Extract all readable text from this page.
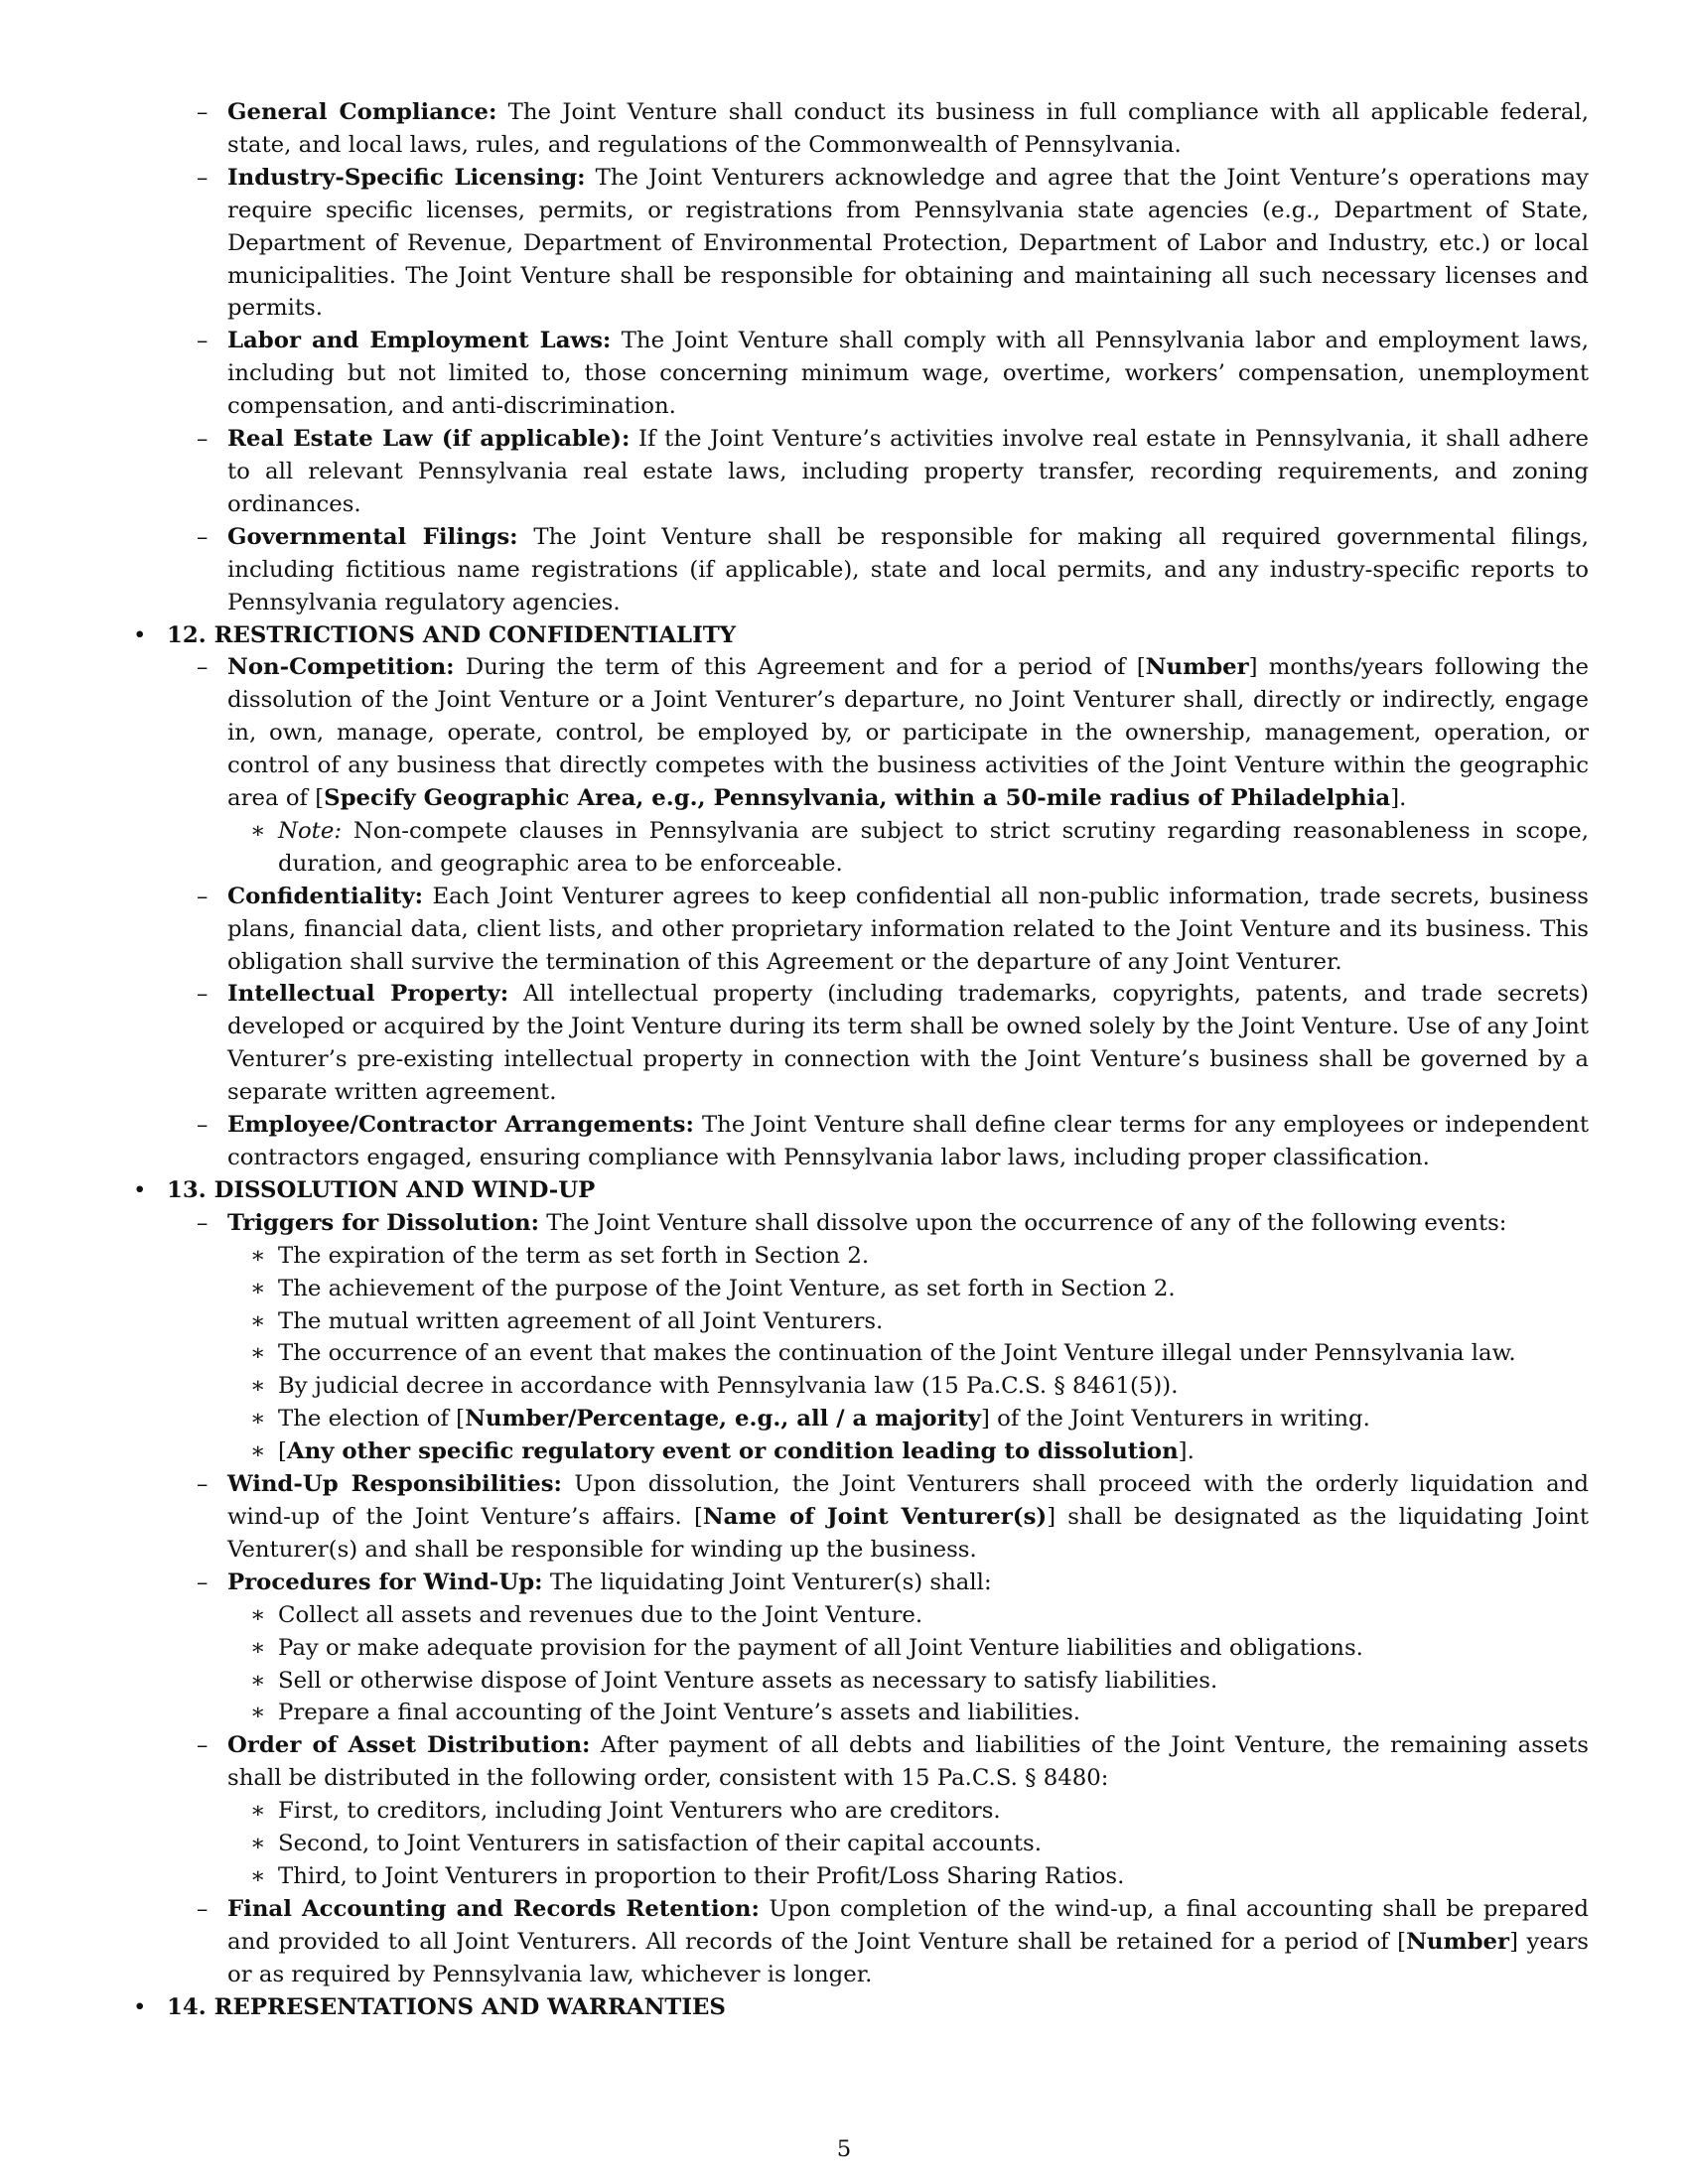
– General Compliance: The Joint Venture shall conduct its business in full compliance with all applicable federal, state, and local laws, rules, and regulations of the Commonwealth of Pennsylvania.
– Industry-Specific Licensing: The Joint Venturers acknowledge and agree that the Joint Venture’s operations may require specific licenses, permits, or registrations from Pennsylvania state agencies (e.g., Department of State, Department of Revenue, Department of Environmental Protection, Department of Labor and Industry, etc.) or local municipalities. The Joint Venture shall be responsible for obtaining and maintaining all such necessary licenses and permits.
– Labor and Employment Laws: The Joint Venture shall comply with all Pennsylvania labor and employment laws, including but not limited to, those concerning minimum wage, overtime, workers’ compensation, unemployment compensation, and anti-discrimination.
– Real Estate Law (if applicable): If the Joint Venture’s activities involve real estate in Pennsylvania, it shall adhere to all relevant Pennsylvania real estate laws, including property transfer, recording requirements, and zoning ordinances.
– Governmental Filings: The Joint Venture shall be responsible for making all required governmental filings, including fictitious name registrations (if applicable), state and local permits, and any industry-specific reports to Pennsylvania regulatory agencies.
• 12. RESTRICTIONS AND CONFIDENTIALITY
– Non-Competition: During the term of this Agreement and for a period of [Number] months/years following the dissolution of the Joint Venture or a Joint Venturer’s departure, no Joint Venturer shall, directly or indirectly, engage in, own, manage, operate, control, be employed by, or participate in the ownership, management, operation, or control of any business that directly competes with the business activities of the Joint Venture within the geographic area of [Specify Geographic Area, e.g., Pennsylvania, within a 50-mile radius of Philadelphia].
∗ Note: Non-compete clauses in Pennsylvania are subject to strict scrutiny regarding reasonableness in scope, duration, and geographic area to be enforceable.
– Confidentiality: Each Joint Venturer agrees to keep confidential all non-public information, trade secrets, business plans, financial data, client lists, and other proprietary information related to the Joint Venture and its business. This obligation shall survive the termination of this Agreement or the departure of any Joint Venturer.
– Intellectual Property: All intellectual property (including trademarks, copyrights, patents, and trade secrets) developed or acquired by the Joint Venture during its term shall be owned solely by the Joint Venture. Use of any Joint Venturer’s pre-existing intellectual property in connection with the Joint Venture’s business shall be governed by a separate written agreement.
– Employee/Contractor Arrangements: The Joint Venture shall define clear terms for any employees or independent contractors engaged, ensuring compliance with Pennsylvania labor laws, including proper classification.
• 13. DISSOLUTION AND WIND-UP
– Triggers for Dissolution: The Joint Venture shall dissolve upon the occurrence of any of the following events:
∗ The expiration of the term as set forth in Section 2.
∗ The achievement of the purpose of the Joint Venture, as set forth in Section 2.
∗ The mutual written agreement of all Joint Venturers.
∗ The occurrence of an event that makes the continuation of the Joint Venture illegal under Pennsylvania law.
∗ By judicial decree in accordance with Pennsylvania law (15 Pa.C.S. § 8461(5)).
∗ The election of [Number/Percentage, e.g., all / a majority] of the Joint Venturers in writing.
∗ [Any other specific regulatory event or condition leading to dissolution].
– Wind-Up Responsibilities: Upon dissolution, the Joint Venturers shall proceed with the orderly liquidation and wind-up of the Joint Venture’s affairs. [Name of Joint Venturer(s)] shall be designated as the liquidating Joint Venturer(s) and shall be responsible for winding up the business.
– Procedures for Wind-Up: The liquidating Joint Venturer(s) shall:
∗ Collect all assets and revenues due to the Joint Venture.
∗ Pay or make adequate provision for the payment of all Joint Venture liabilities and obligations.
∗ Sell or otherwise dispose of Joint Venture assets as necessary to satisfy liabilities.
∗ Prepare a final accounting of the Joint Venture’s assets and liabilities.
– Order of Asset Distribution: After payment of all debts and liabilities of the Joint Venture, the remaining assets shall be distributed in the following order, consistent with 15 Pa.C.S. § 8480:
∗ First, to creditors, including Joint Venturers who are creditors.
∗ Second, to Joint Venturers in satisfaction of their capital accounts.
∗ Third, to Joint Venturers in proportion to their Profit/Loss Sharing Ratios.
– Final Accounting and Records Retention: Upon completion of the wind-up, a final accounting shall be prepared and provided to all Joint Venturers. All records of the Joint Venture shall be retained for a period of [Number] years or as required by Pennsylvania law, whichever is longer.
• 14. REPRESENTATIONS AND WARRANTIES
5
